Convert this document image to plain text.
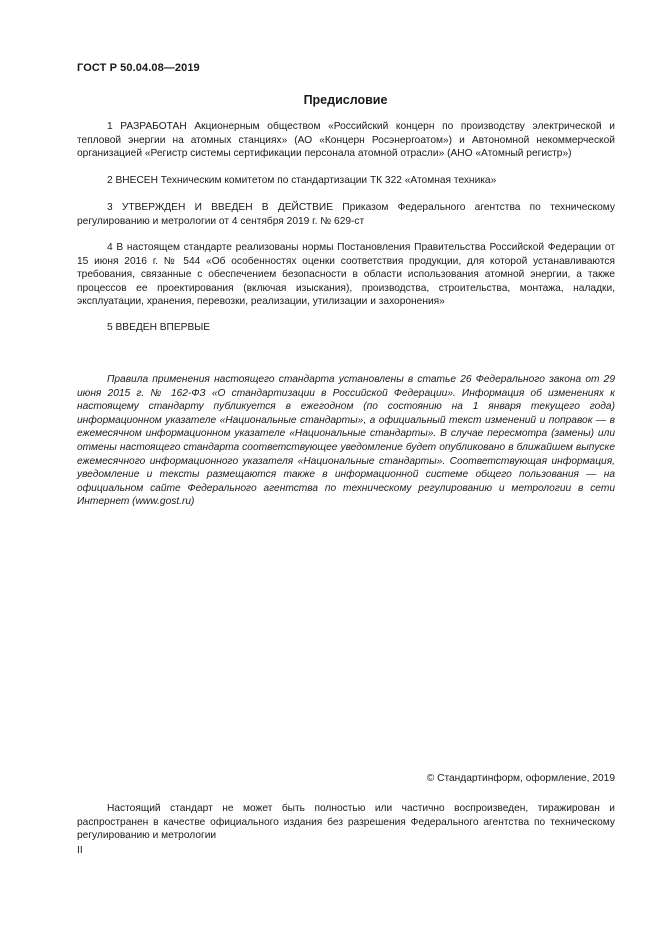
ГОСТ Р 50.04.08—2019
Предисловие

1 РАЗРАБОТАН Акционерным обществом «Российский концерн по производству электрической и тепловой энергии на атомных станциях» (АО «Концерн Росэнергоатом») и Автономной некоммерческой организацией «Регистр системы сертификации персонала атомной отрасли» (АНО «Атомный регистр»)

2 ВНЕСЕН Техническим комитетом по стандартизации ТК 322 «Атомная техника»

3 УТВЕРЖДЕН И ВВЕДЕН В ДЕЙСТВИЕ Приказом Федерального агентства по техническому регулированию и метрологии от 4 сентября 2019 г. № 629-ст

4 В настоящем стандарте реализованы нормы Постановления Правительства Российской Федерации от 15 июня 2016 г. № 544 «Об особенностях оценки соответствия продукции, для которой устанавливаются требования, связанные с обеспечением безопасности в области использования атомной энергии, а также процессов ее проектирования (включая изыскания), производства, строительства, монтажа, наладки, эксплуатации, хранения, перевозки, реализации, утилизации и захоронения»

5 ВВЕДЕН ВПЕРВЫЕ

Правила применения настоящего стандарта установлены в статье 26 Федерального закона от 29 июня 2015 г. № 162-ФЗ «О стандартизации в Российской Федерации». Информация об изменениях к настоящему стандарту публикуется в ежегодном (по состоянию на 1 января текущего года) информационном указателе «Национальные стандарты», а официальный текст изменений и поправок — в ежемесячном информационном указателе «Национальные стандарты». В случае пересмотра (замены) или отмены настоящего стандарта соответствующее уведомление будет опубликовано в ближайшем выпуске ежемесячного информационного указателя «Национальные стандарты». Соответствующая информация, уведомление и тексты размещаются также в информационной системе общего пользования — на официальном сайте Федерального агентства по техническому регулированию и метрологии в сети Интернет (www.gost.ru)

© Стандартинформ, оформление, 2019

Настоящий стандарт не может быть полностью или частично воспроизведен, тиражирован и распространен в качестве официального издания без разрешения Федерального агентства по техническому регулированию и метрологии

II
